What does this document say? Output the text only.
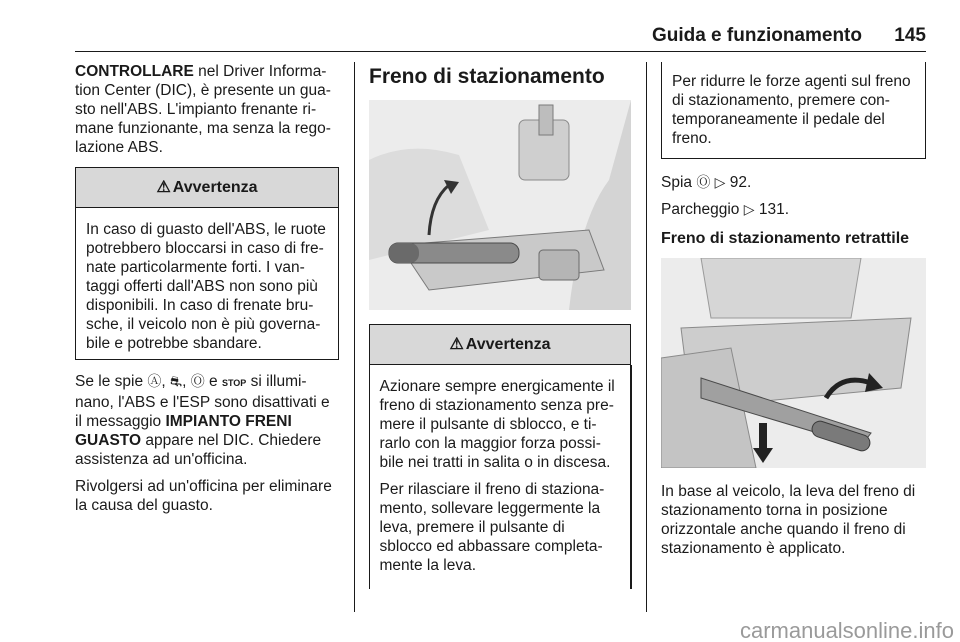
Guida e funzionamento 145

CONTROLLARE nel Driver Informa- tion Center (DIC), è presente un gua- sto nell'ABS. L'impianto frenante ri- mane funzionante, ma senza la rego- lazione ABS.

⚠ Avvertenza
In caso di guasto dell'ABS, le ruote potrebbero bloccarsi in caso di fre- nate particolarmente forti. I van- taggi offerti dall'ABS non sono più disponibili. In caso di frenate bru- sche, il veicolo non è più governa- bile e potrebbe sbandare.

Se le spie Ⓐ, ⛐, Ⓞ e STOP si illumi- nano, l'ABS e l'ESP sono disattivati e il messaggio IMPIANTO FRENI GUASTO appare nel DIC. Chiedere assistenza ad un'officina.

Rivolgersi ad un'officina per eliminare la causa del guasto.

Freno di stazionamento
⚠ Avvertenza

Azionare sempre energicamente il freno di stazionamento senza pre- mere il pulsante di sblocco, e ti- rarlo con la maggior forza possi- bile nei tratti in salita o in discesa.

Per rilasciare il freno di staziona- mento, sollevare leggermente la leva, premere il pulsante di sblocco ed abbassare completa- mente la leva.

Per ridurre le forze agenti sul freno di stazionamento, premere con- temporaneamente il pedale del freno.

Spia Ⓞ ▷ 92.

Parcheggio ▷ 131.

Freno di stazionamento retrattile

In base al veicolo, la leva del freno di stazionamento torna in posizione orizzontale anche quando il freno di stazionamento è applicato.

carmanualsonline.info
